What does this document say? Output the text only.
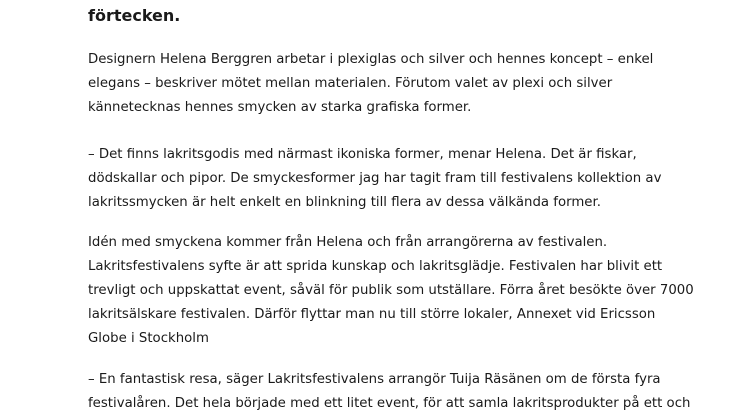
förtecken.

Designern Helena Berggren arbetar i plexiglas och silver och hennes koncept – enkel
elegans – beskriver mötet mellan materialen. Förutom valet av plexi och silver
kännetecknas hennes smycken av starka grafiska former.

– Det finns lakritsgodis med närmast ikoniska former, menar Helena. Det är fiskar,
dödskallar och pipor. De smyckesformer jag har tagit fram till festivalens kollektion av
lakritssmycken är helt enkelt en blinkning till flera av dessa välkända former.

Idén med smyckena kommer från Helena och från arrangörerna av festivalen.
Lakritsfestivalens syfte är att sprida kunskap och lakritsglädje. Festivalen har blivit ett
trevligt och uppskattat event, såväl för publik som utställare. Förra året besökte över 7000
lakritsälskare festivalen. Därför flyttar man nu till större lokaler, Annexet vid Ericsson
Globe i Stockholm

– En fantastisk resa, säger Lakritsfestivalens arrangör Tuija Räsänen om de första fyra
festivalåren. Det hela började med ett litet event, för att samla lakritsprodukter på ett och
